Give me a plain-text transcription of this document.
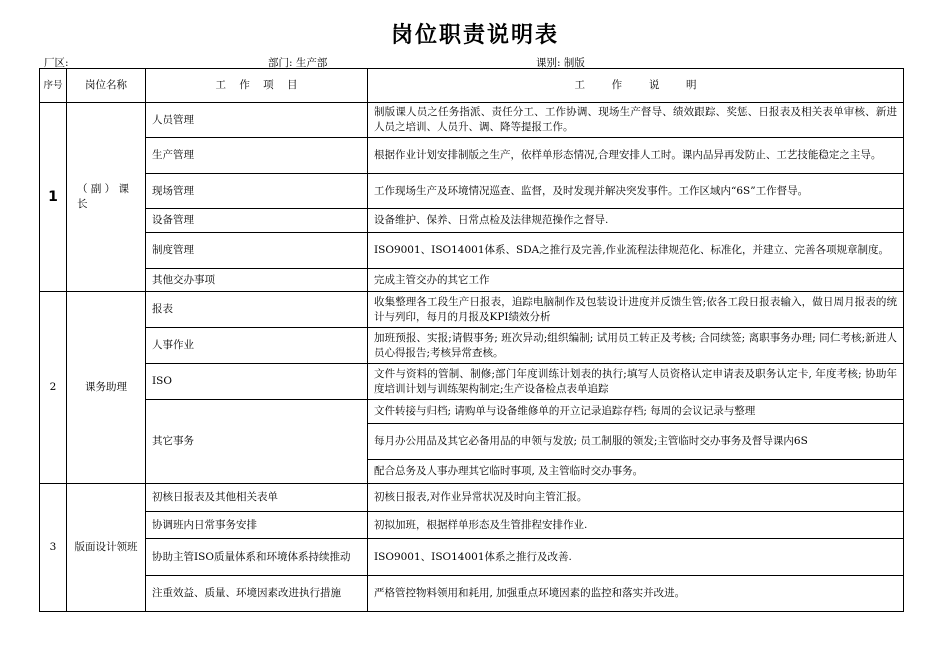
岗位职责说明表
厂区:	部门: 生产部	课别: 制版
序号	岗位名称	工    作    项    目	工        作        说        明
1	（ 副 ） 课 长	人员管理	制版课人员之任务指派、责任分工、工作协调、现场生产督导、绩效跟踪、奖惩、日报表及相关表单审核、新进人员之培训、人员升、调、降等提报工作。
		生产管理	根据作业计划安排制版之生产，依样单形态情况,合理安排人工时。课内品异再发防止、工艺技能稳定之主导。
		现场管理	工作现场生产及环境情况巡查、监督，及时发现并解决突发事件。工作区域内“6S”工作督导。
		设备管理	设备维护、保养、日常点检及法律规范操作之督导.
		制度管理	ISO9001、ISO14001体系、SDA之推行及完善,作业流程法律规范化、标准化，并建立、完善各项规章制度。
		其他交办事项	完成主管交办的其它工作
2	课务助理	报表	收集整理各工段生产日报表，追踪电脑制作及包装设计进度并反馈生管;依各工段日报表输入，做日周月报表的统计与列印，每月的月报及KPI绩效分析
		人事作业	加班预报、实报;请假事务; 班次异动;组织编制; 试用员工转正及考核; 合同续签; 离职事务办理; 同仁考核;新进人员心得报告;考核异常查核。
		ISO	文件与资料的管制、制修;部门年度训练计划表的执行;填写人员资格认定申请表及职务认定卡, 年度考核; 协助年度培训计划与训练架构制定;生产设备检点表单追踪
		其它事务	文件转接与归档; 请购单与设备维修单的开立记录追踪存档; 每周的会议记录与整理
			每月办公用品及其它必备用品的申领与发放; 员工制服的领发;主管临时交办事务及督导课内6S
			配合总务及人事办理其它临时事项, 及主管临时交办事务。
3	版面设计领班	初核日报表及其他相关表单	初核日报表,对作业异常状况及时向主管汇报。
		协调班内日常事务安排	初拟加班，根据样单形态及生管排程安排作业.
		协助主管ISO质量体系和环境体系持续推动	ISO9001、ISO14001体系之推行及改善.
		注重效益、质量、环境因素改进执行措施	严格管控物料领用和耗用, 加强重点环境因素的监控和落实并改进。
